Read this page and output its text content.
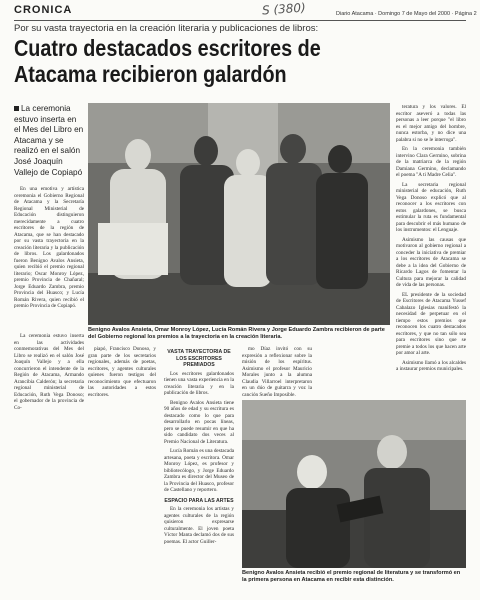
CRONICA	S (380)	Diario Atacama · Domingo 7 de Mayo del 2000 · Página 2
Por su vasta trayectoria en la creación literaria y publicaciones de libros:
Cuatro destacados escritores de Atacama recibieron galardón
La ceremonia estuvo inserta en el Mes del Libro en Atacama y se realizó en el salón José Joaquín Vallejo de Copiapó

En una emotiva y artística ceremonia el Gobierno Regional de Atacama y la Secretaría Regional Ministerial de Educación distinguieron merecidamente a cuatro escritores de la región de Atacama, que se han destacado por su vasta trayectoria en la creación literaria y la publicación de libros. Los galardonados fueron Benigno Avalos Ansieta, quien recibió el premio regional literario; Oscar Monroy López, premio Provincia de Chañaral; Jorge Eduardo Zambra, premio Provincia del Huasco; y Lucía Román Rivera, quien recibió el premio Provincia de Copiapó.

La ceremonia estuvo inserta en las actividades conmemorativas del Mes del Libro se realizó en el salón José Joaquín Vallejo y a ella concurrieron el intendente de la Región de Atacama, Armando Arancibia Calderón; la secretaria regional ministerial de Educación, Ruth Vega Donoso; el gobernador de la provincia de Co-

Benigno Avalos Ansieta, Omar Monroy López, Lucía Román Rivera y Jorge Eduardo Zambra recibieron de parte del Gobierno regional los premios a la trayectoria en la creación literaria.

piapó, Francisco Donoso, y gran parte de los secretarios regionales, además de poetas, escritores, y agentes culturales quienes fueron testigos del reconocimiento que efectuaron las autoridades a estos escritores.

VASTA TRAYECTORIA DE LOS ESCRITORES PREMIADOS

Los escritores galardonados tienen una vasta experiencia en la creación literaria y en la publicación de libros.

Benigno Avalos Ansieta tiene 90 años de edad y su escritura es destacado como lo que para desarrollarlo en pocas líneas, pero se puede resumir en que ha sido candidato dos veces al Premio Nacional de Literatura.

Lucía Román es una destacada artesana, poeta y escritora. Omar Monroy López, es profesor y bibliotecólogo, y Jorge Eduardo Zambra es director del Museo de la Provincia del Huasco, profesor de Castellano y reportero.

ESPACIO PARA LAS ARTES

En la ceremonia los artistas y agentes culturales de la región quisieron expresarse culturalmente. El joven poeta Víctor Manta declamó dos de sus poemas. El actor Guiller-

mo Díaz invitó con su expresión a reflexionar sobre la misión de los espíritus. Asimismo el profesor Mauricio Morales junto a la alumna Claudia Villarroel interpretaron en un dúo de guitarra y voz la canción Sueño Imposible.

Benigno Avalos Ansieta recibió el premio regional de literatura y se transformó en la primera persona en Atacama en recibir esta distinción.

teratura y los valores. El escritor aseveró a todas las personas a leer porque "el libro es el mejor amigo del hombre, nunca estorba, y no dice una palabra si no se le interroga".

En la ceremonia también intervino Clara Germino, sobrina de la matriarca de la región Damiana Germino, declamando el poema "A ti Madre Celia".

La secretaria regional ministerial de educación, Ruth Vega Donoso explicó que al reconocer a los escritores con estos galardones, se busca estimular la ruta es fundamental para descubrir el más humano de los instrumentos: el Lenguaje.

Asimismo las causas que motivaron al gobierno regional a conceder la iniciativa de premiar a los escritores de Atacama se debe a la idea del Gobierno de Ricardo Lagos de fomentar la Cultura para mejorar la calidad de vida de las personas.

EL presidente de la sociedad de Escritores de Atacama Yussef Cabalazo Iglesias manifestó la necesidad de perpetuar en el tiempo estos premios que reconocen los cuatro destacados escritores, y que no tan sólo sea para escritores sino que se premie a todos los que hacen arte por amor al arte.

Asimismo llamó a los alcaldes a instaurar premios municipales.
